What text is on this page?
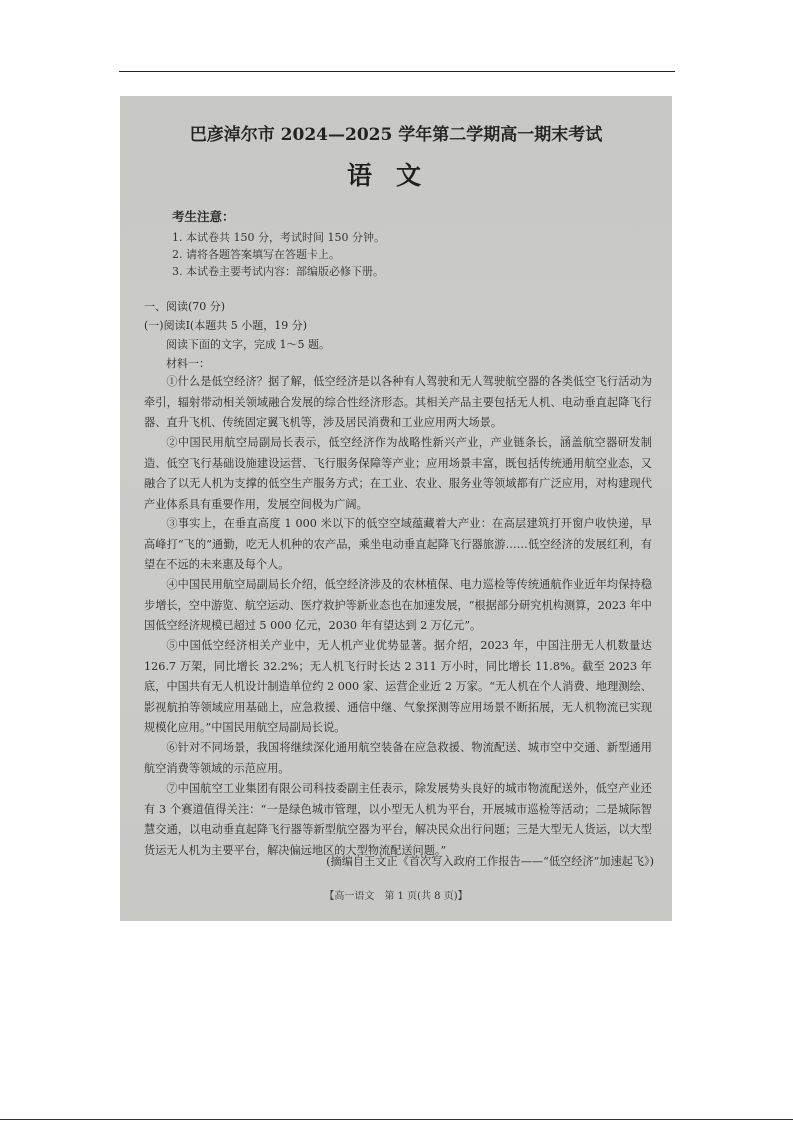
巴彦淖尔市 2024—2025 学年第二学期高一期末考试
语文
考生注意：
1. 本试卷共 150 分，考试时间 150 分钟。
2. 请将各题答案填写在答题卡上。
3. 本试卷主要考试内容：部编版必修下册。
一、阅读(70 分)
(一)阅读Ⅰ(本题共 5 小题，19 分)
阅读下面的文字，完成 1～5 题。
材料一：
①什么是低空经济？据了解，低空经济是以各种有人驾驶和无人驾驶航空器的各类低空飞行活动为牵引，辐射带动相关领域融合发展的综合性经济形态。其相关产品主要包括无人机、电动垂直起降飞行器、直升飞机、传统固定翼飞机等，涉及居民消费和工业应用两大场景。
②中国民用航空局副局长表示，低空经济作为战略性新兴产业，产业链条长，涵盖航空器研发制造、低空飞行基础设施建设运营、飞行服务保障等产业；应用场景丰富，既包括传统通用航空业态，又融合了以无人机为支撑的低空生产服务方式；在工业、农业、服务业等领域都有广泛应用，对构建现代产业体系具有重要作用，发展空间极为广阔。
③事实上，在垂直高度 1 000 米以下的低空空域蕴藏着大产业：在高层建筑打开窗户收快递，早高峰打“飞的”通勤，吃无人机种的农产品，乘坐电动垂直起降飞行器旅游……低空经济的发展红利，有望在不远的未来惠及每个人。
④中国民用航空局副局长介绍，低空经济涉及的农林植保、电力巡检等传统通航作业近年均保持稳步增长，空中游览、航空运动、医疗救护等新业态也在加速发展，“根据部分研究机构测算，2023 年中国低空经济规模已超过 5 000 亿元，2030 年有望达到 2 万亿元”。
⑤中国低空经济相关产业中，无人机产业优势显著。据介绍，2023 年，中国注册无人机数量达 126.7 万架，同比增长 32.2%；无人机飞行时长达 2 311 万小时，同比增长 11.8%。截至 2023 年底，中国共有无人机设计制造单位约 2 000 家、运营企业近 2 万家。“无人机在个人消费、地理测绘、影视航拍等领域应用基础上，应急救援、通信中继、气象探测等应用场景不断拓展，无人机物流已实现规模化应用。”中国民用航空局副局长说。
⑥针对不同场景，我国将继续深化通用航空装备在应急救援、物流配送、城市空中交通、新型通用航空消费等领域的示范应用。
⑦中国航空工业集团有限公司科技委副主任表示，除发展势头良好的城市物流配送外，低空产业还有 3 个赛道值得关注：“一是绿色城市管理，以小型无人机为平台，开展城市巡检等活动；二是城际智慧交通，以电动垂直起降飞行器等新型航空器为平台，解决民众出行问题；三是大型无人货运，以大型货运无人机为主要平台，解决偏远地区的大型物流配送问题。”
(摘编自王文正《首次写入政府工作报告——“低空经济”加速起飞》)
【高一语文　第 1 页(共 8 页)】
